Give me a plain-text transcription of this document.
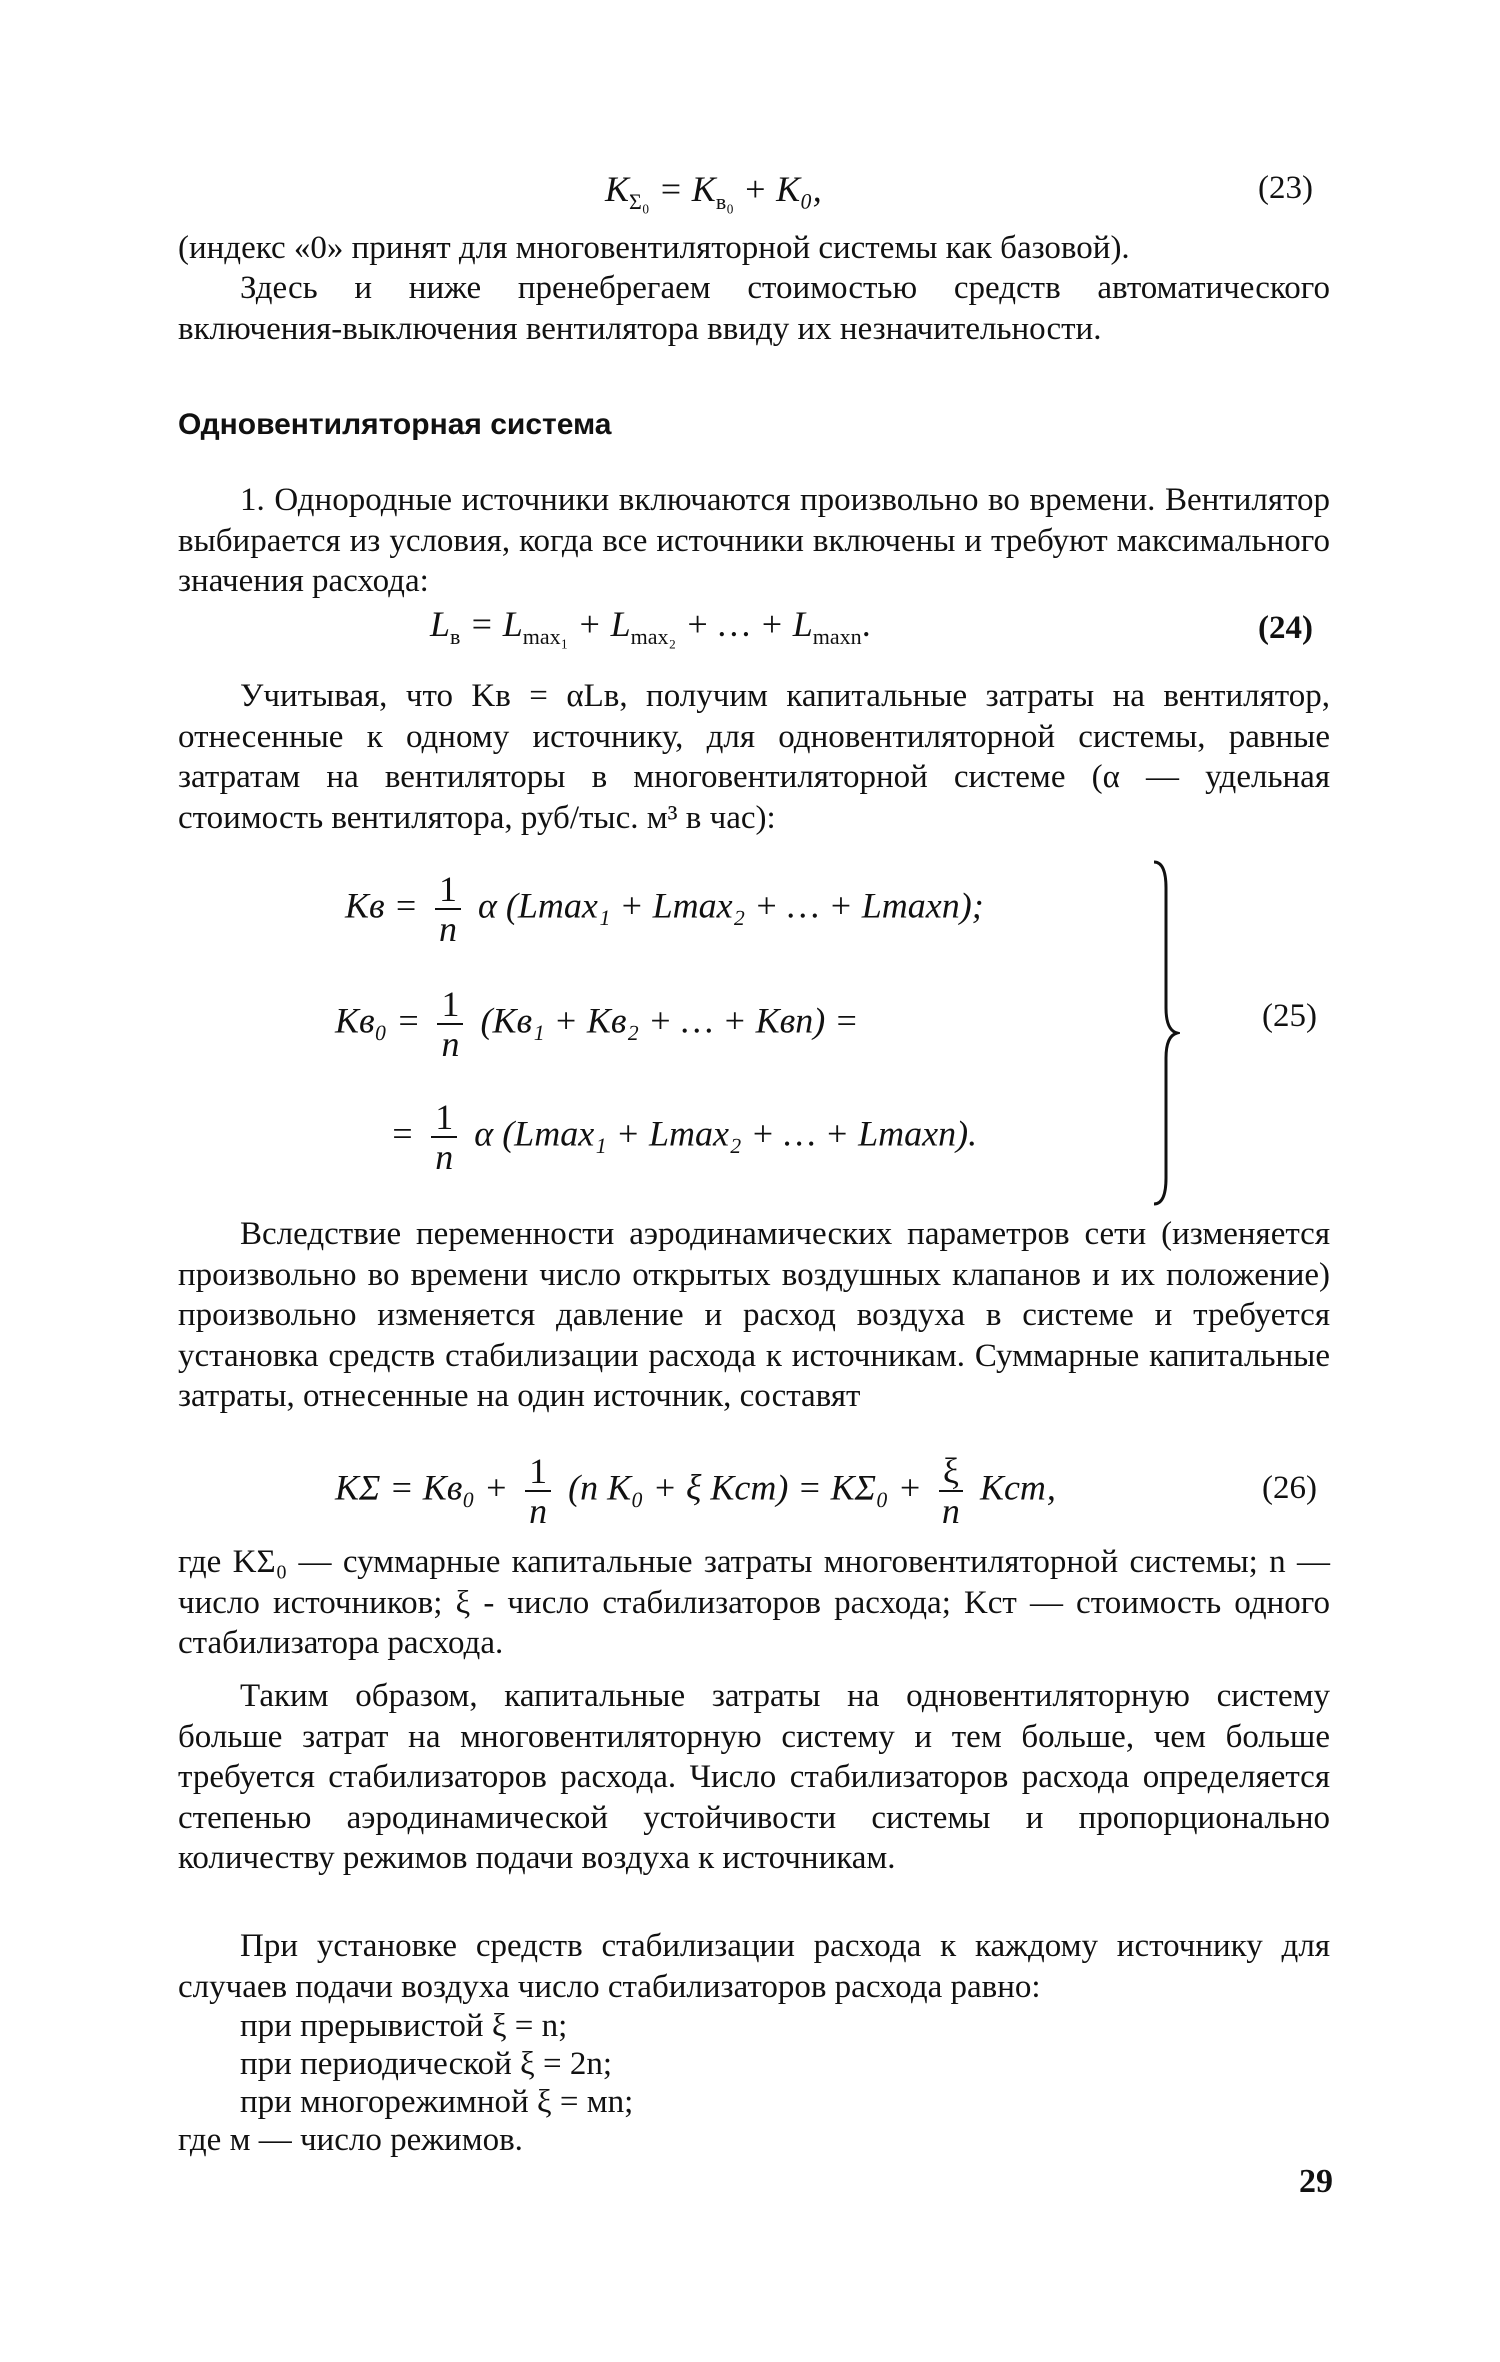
$K_{\Sigma_0} = K_{в_0} + K_0$,	(23)

(индекс «0» принят для многовентиляторной системы как базовой).

Здесь и ниже пренебрегаем стоимостью средств автоматического включения-выключения вентилятора ввиду их незначительности.

Одновентиляторная система

1. Однородные источники включаются произвольно во времени. Вентилятор выбирается из условия, когда все источники включены и требуют максимального значения расхода:

$L_в = L_{max_1} + L_{max_2}$ + … + $L_{maxn}$.	(24)

Учитывая, что Kв = αLв, получим капитальные затраты на вентилятор, отнесенные к одному источнику, для одновентиляторной системы, равные затратам на вентиляторы в многовентиляторной системе (α — удельная стоимость вентилятора, руб/тыс. м³ в час):

Kв = $\frac{1}{n}$ α (Lmax₁ + Lmax₂ + … + Lmaxn);
$Kв_0 = \frac{1}{n} (Kв_1 + Kв_2$ + … + Kвn) =
= $\frac{1}{n}$ α (Lmax₁ + Lmax₂ + … + Lmaxn).
(25)

Вследствие переменности аэродинамических параметров сети (изменяется произвольно во времени число открытых воздушных клапанов и их положение) произвольно изменяется давление и расход воздуха в системе и требуется установка средств стабилизации расхода к источникам. Суммарные капитальные затраты, отнесенные на один источник, составят

$K\Sigma = Kв_0 + \frac{1}{n} (n$ K₀ + ξ $Kст) = K\Sigma_0 + \frac{\xi}{n}$ Kст,	(26)

где KΣ₀ — суммарные капитальные затраты многовентиляторной системы; n — число источников; ξ - число стабилизаторов расхода; Kст — стоимость одного стабилизатора расхода.

Таким образом, капитальные затраты на одновентиляторную систему больше затрат на многовентиляторную систему и тем больше, чем больше требуется стабилизаторов расхода. Число стабилизаторов расхода определяется степенью аэродинамической устойчивости системы и пропорционально количеству режимов подачи воздуха к источникам.

При установке средств стабилизации расхода к каждому источнику для случаев подачи воздуха число стабилизаторов расхода равно:

при прерывистой ξ = n;
при периодической ξ = 2n;
при многорежимной ξ = мn;

где м — число режимов.

29
